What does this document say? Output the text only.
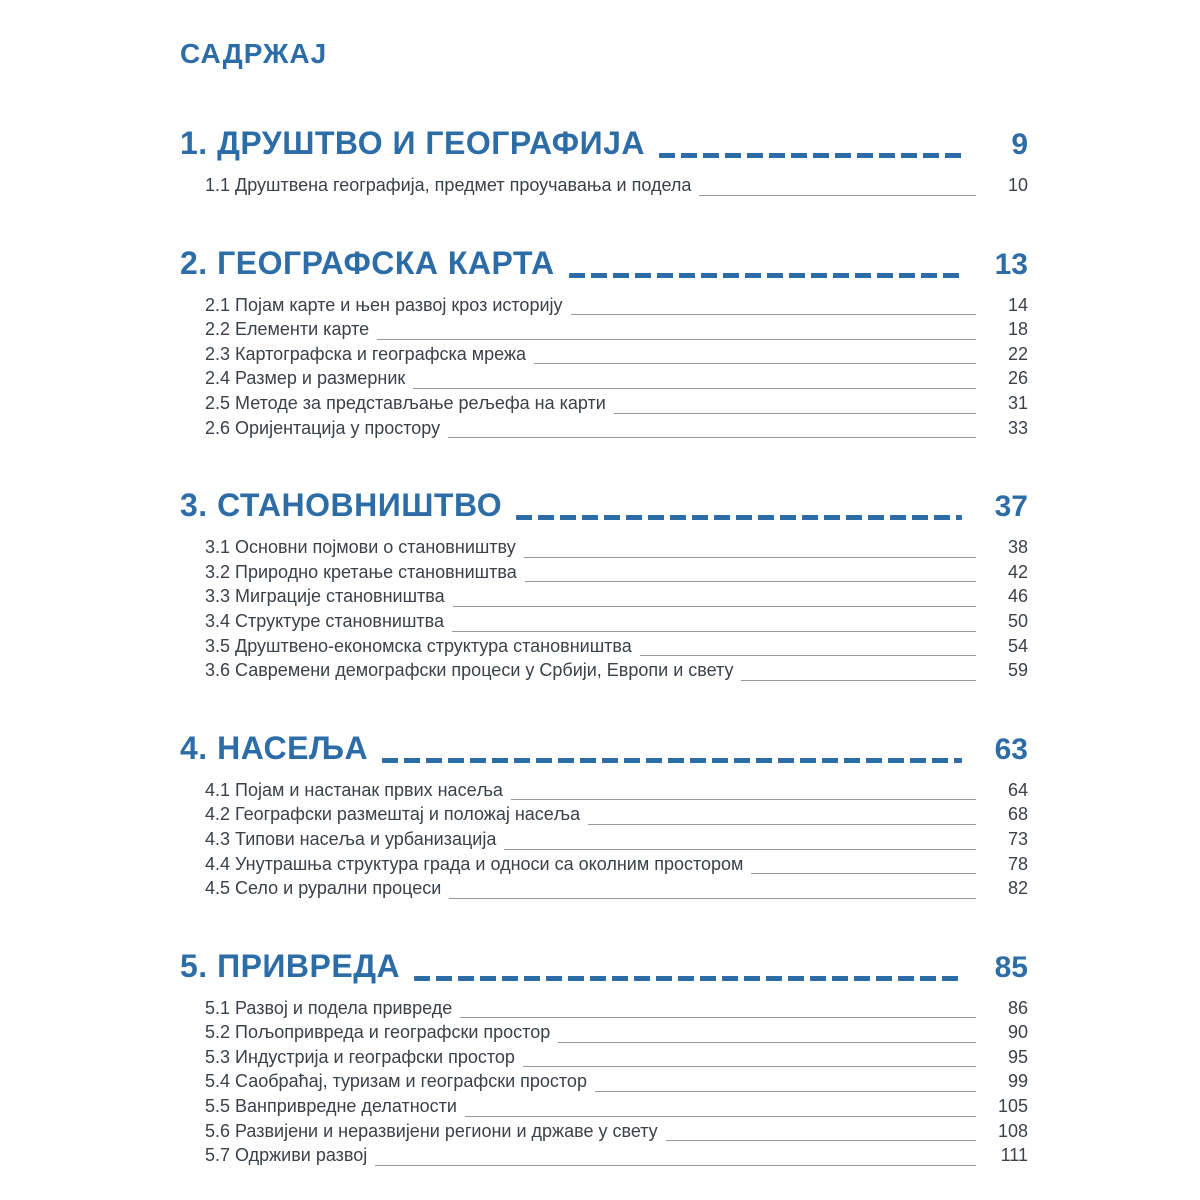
САДРЖАЈ
1. ДРУШТВО И ГЕОГРАФИЈА	9
1.1 Друштвена географија, предмет проучавања и подела	10
2. ГЕОГРАФСКА КАРТА	13
2.1 Појам карте и њен развој кроз историју	14
2.2 Елементи карте	18
2.3 Картографска и географска мрежа	22
2.4 Размер и размерник	26
2.5 Методе за представљање рељефа на карти	31
2.6 Оријентација у простору	33
3. СТАНОВНИШТВО	37
3.1 Основни појмови о становништву	38
3.2 Природно кретање становништва	42
3.3 Миграције становништва	46
3.4 Структуре становништва	50
3.5 Друштвено-економска структура становништва	54
3.6 Савремени демографски процеси у Србији, Европи и свету	59
4. НАСЕЉА	63
4.1 Појам и настанак првих насеља	64
4.2 Географски размештај и положај насеља	68
4.3 Типови насеља и урбанизација	73
4.4 Унутрашња структура града и односи са околним простором	78
4.5 Село и рурални процеси	82
5. ПРИВРЕДА	85
5.1 Развој и подела привреде	86
5.2 Пољопривреда и географски простор	90
5.3 Индустрија и географски простор	95
5.4 Саобраћај, туризам и географски простор	99
5.5 Ванпривредне делатности	105
5.6 Развијени и неразвијени региони и државе у свету	108
5.7 Одрживи развој	111
